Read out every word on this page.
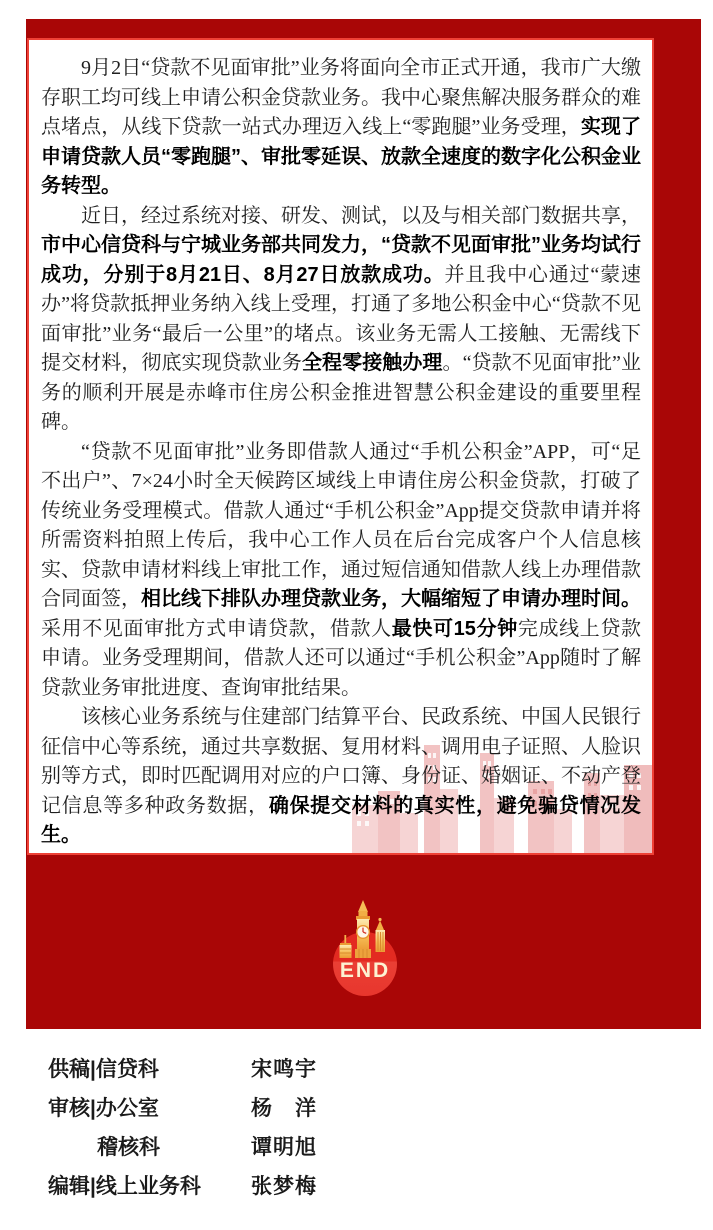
9月2日“贷款不见面审批”业务将面向全市正式开通，我市广大缴存职工均可线上申请公积金贷款业务。我中心聚焦解决服务群众的难点堵点，从线下贷款一站式办理迈入线上“零跑腿”业务受理，实现了申请贷款人员“零跑腿”、审批零延误、放款全速度的数字化公积金业务转型。

近日，经过系统对接、研发、测试，以及与相关部门数据共享，市中心信贷科与宁城业务部共同发力，“贷款不见面审批”业务均试行成功，分别于8月21日、8月27日放款成功。并且我中心通过“蒙速办”将贷款抵押业务纳入线上受理，打通了多地公积金中心“贷款不见面审批”业务“最后一公里”的堵点。该业务无需人工接触、无需线下提交材料，彻底实现贷款业务全程零接触办理。“贷款不见面审批”业务的顺利开展是赤峰市住房公积金推进智慧公积金建设的重要里程碑。

“贷款不见面审批”业务即借款人通过“手机公积金”APP，可“足不出户”、7×24小时全天候跨区域线上申请住房公积金贷款，打破了传统业务受理模式。借款人通过“手机公积金”App提交贷款申请并将所需资料拍照上传后，我中心工作人员在后台完成客户个人信息核实、贷款申请材料线上审批工作，通过短信通知借款人线上办理借款合同面签，相比线下排队办理贷款业务，大幅缩短了申请办理时间。采用不见面审批方式申请贷款，借款人最快可15分钟完成线上贷款申请。业务受理期间，借款人还可以通过“手机公积金”App随时了解贷款业务审批进度、查询审批结果。

该核心业务系统与住建部门结算平台、民政系统、中国人民银行征信中心等系统，通过共享数据、复用材料、调用电子证照、人脸识别等方式，即时匹配调用对应的户口簿、身份证、婚姻证、不动产登记信息等多种政务数据，确保提交材料的真实性，避免骗贷情况发生。

END
供稿|信贷科	宋鸣宇
审核|办公室	杨　洋
稽核科	谭明旭
编辑|线上业务科	张梦梅
